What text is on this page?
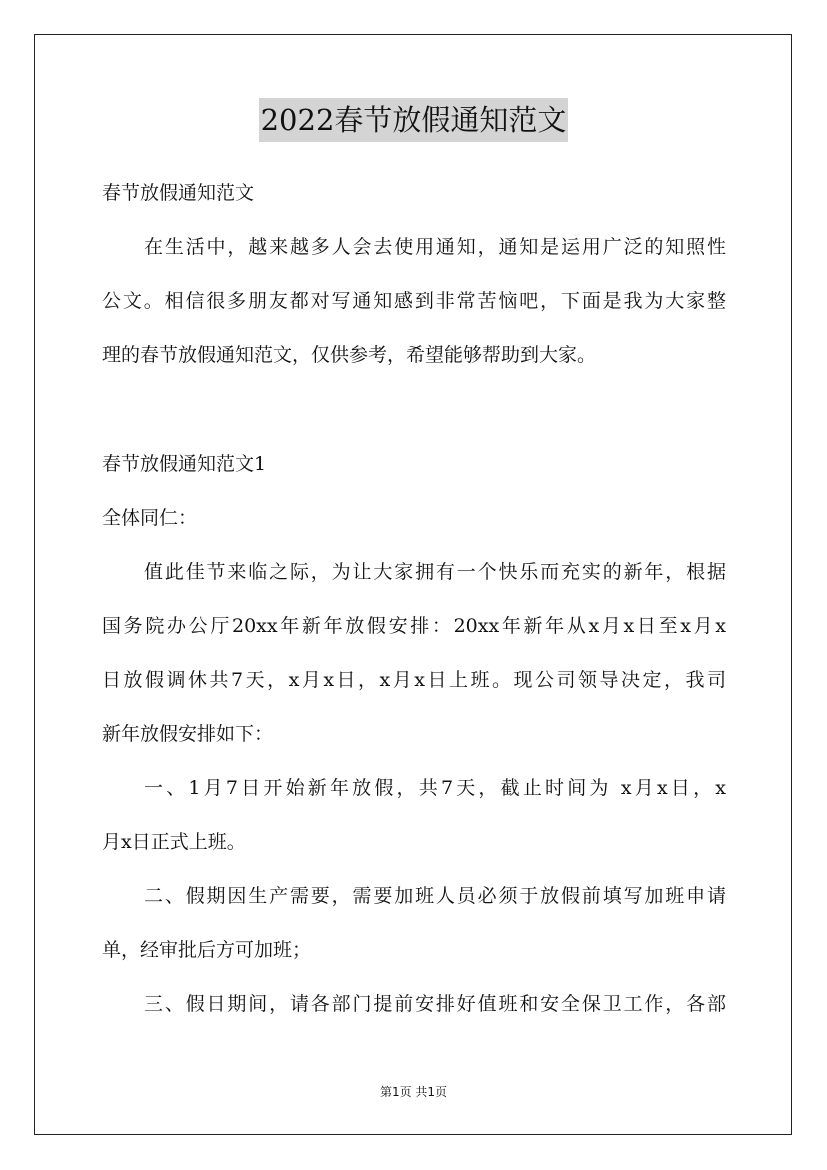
2022春节放假通知范文
春节放假通知范文
在生活中，越来越多人会去使用通知，通知是运用广泛的知照性
公文。相信很多朋友都对写通知感到非常苦恼吧，下面是我为大家整
理的春节放假通知范文，仅供参考，希望能够帮助到大家。
春节放假通知范文1
全体同仁：
值此佳节来临之际，为让大家拥有一个快乐而充实的新年，根据
国务院办公厅20xx年新年放假安排：20xx年新年从x月x日至x月x
日放假调休共7天，x月x日，x月x日上班。现公司领导决定，我司
新年放假安排如下：
一、1月7日开始新年放假，共7天，截止时间为 x月x日，x
月x日正式上班。
二、假期因生产需要，需要加班人员必须于放假前填写加班申请
单，经审批后方可加班；
三、假日期间，请各部门提前安排好值班和安全保卫工作，各部
第1页 共1页
